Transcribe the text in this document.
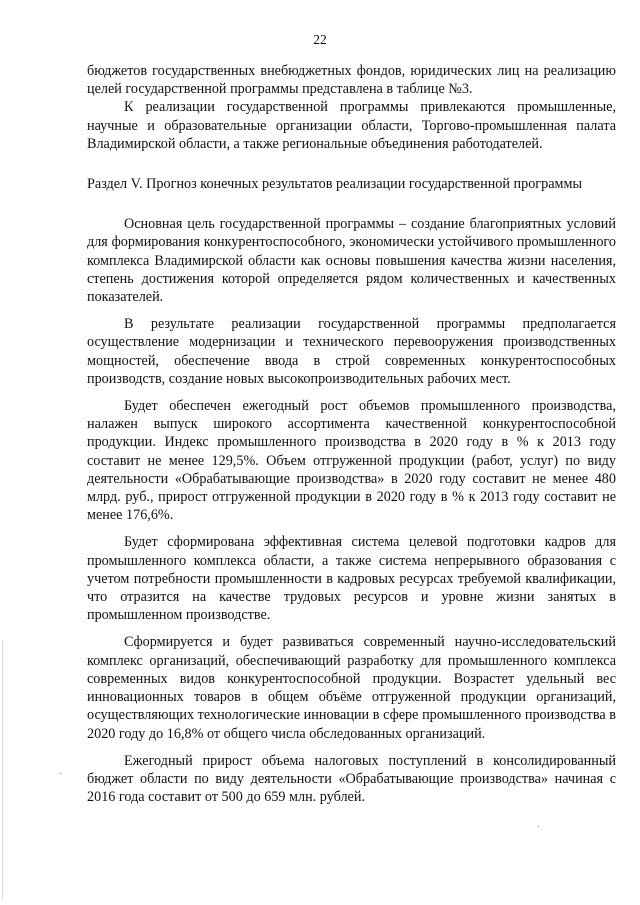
22

бюджетов государственных внебюджетных фондов, юридических лиц на реализацию целей государственной программы представлена в таблице №3.

К реализации государственной программы привлекаются промышленные, научные и образовательные организации области, Торгово-промышленная палата Владимирской области, а также региональные объединения работодателей.

Раздел V. Прогноз конечных результатов реализации государственной программы

Основная цель государственной программы – создание благоприятных условий для формирования конкурентоспособного, экономически устойчивого промышленного комплекса Владимирской области как основы повышения качества жизни населения, степень достижения которой определяется рядом количественных и качественных показателей.

В результате реализации государственной программы предполагается осуществление модернизации и технического перевооружения производственных мощностей, обеспечение ввода в строй современных конкурентоспособных производств, создание новых высокопроизводительных рабочих мест.

Будет обеспечен ежегодный рост объемов промышленного производства, налажен выпуск широкого ассортимента качественной конкурентоспособной продукции. Индекс промышленного производства в 2020 году в % к 2013 году составит не менее 129,5%. Объем отгруженной продукции (работ, услуг) по виду деятельности «Обрабатывающие производства» в 2020 году составит не менее 480 млрд. руб., прирост отгруженной продукции в 2020 году в % к 2013 году составит не менее 176,6%.

Будет сформирована эффективная система целевой подготовки кадров для промышленного комплекса области, а также система непрерывного образования с учетом потребности промышленности в кадровых ресурсах требуемой квалификации, что отразится на качестве трудовых ресурсов и уровне жизни занятых в промышленном производстве.

Сформируется и будет развиваться современный научно-исследовательский комплекс организаций, обеспечивающий разработку для промышленного комплекса современных видов конкурентоспособной продукции. Возрастет удельный вес инновационных товаров в общем объёме отгруженной продукции организаций, осуществляющих технологические инновации в сфере промышленного производства в 2020 году до 16,8% от общего числа обследованных организаций.

Ежегодный прирост объема налоговых поступлений в консолидированный бюджет области по виду деятельности «Обрабатывающие производства» начиная с 2016 года составит от 500 до 659 млн. рублей.
